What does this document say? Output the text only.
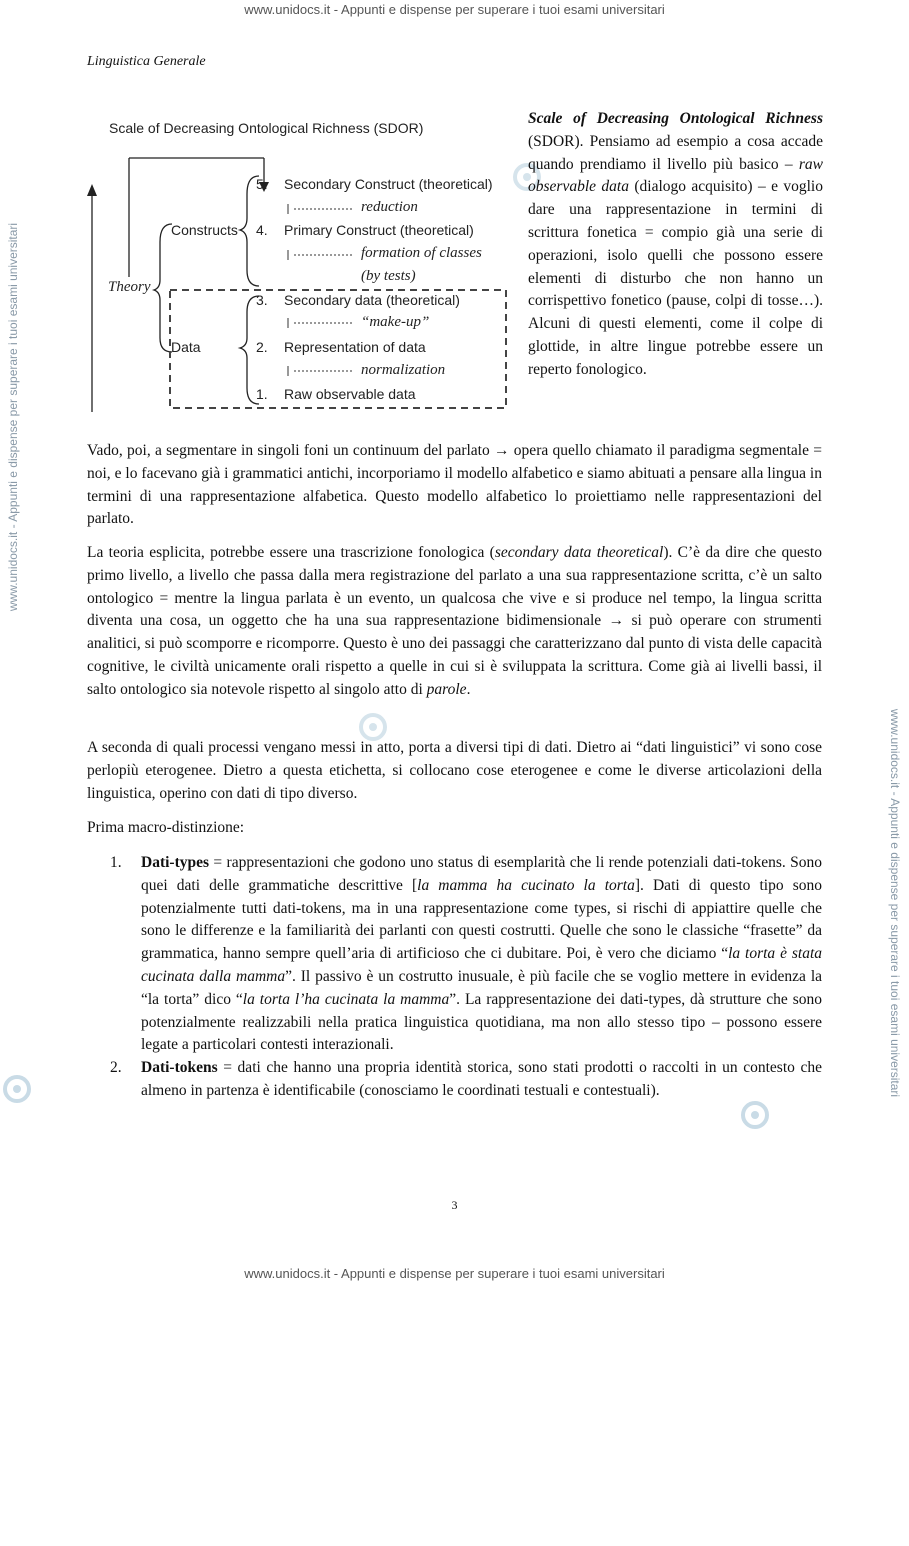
www.unidocs.it - Appunti e dispense per superare i tuoi esami universitari
www.unidocs.it - Appunti e dispense per superare i tuoi esami universitari
www.unidocs.it - Appunti e dispense per superare i tuoi esami universitari
www.unidocs.it - Appunti e dispense per superare i tuoi esami universitari
Linguistica Generale
Scale of Decreasing Ontological Richness (SDOR)
Theory
Constructs
Data
5. Secondary Construct (theoretical)
4. Primary Construct (theoretical)
3. Secondary data (theoretical)
2. Representation of data
1. Raw observable data
reduction
formation of classes
(by tests)
“make-up”
normalization
Scale of Decreasing Ontological Richness (SDOR). Pensiamo ad esempio a cosa accade quando prendiamo il livello più basico – raw observable data (dialogo acquisito) – e voglio dare una rappresentazione in termini di scrittura fonetica = compio già una serie di operazioni, isolo quelli che possono essere elementi di disturbo che non hanno un corrispettivo fonetico (pause, colpi di tosse…). Alcuni di questi elementi, come il colpe di glottide, in altre lingue potrebbe essere un reperto fonologico.

Vado, poi, a segmentare in singoli foni un continuum del parlato → opera quello chiamato il paradigma segmentale = noi, e lo facevano già i grammatici antichi, incorporiamo il modello alfabetico e siamo abituati a pensare alla lingua in termini di una rappresentazione alfabetica. Questo modello alfabetico lo proiettiamo nelle rappresentazioni del parlato.

La teoria esplicita, potrebbe essere una trascrizione fonologica (secondary data theoretical). C’è da dire che questo primo livello, a livello che passa dalla mera registrazione del parlato a una sua rappresentazione scritta, c’è un salto ontologico = mentre la lingua parlata è un evento, un qualcosa che vive e si produce nel tempo, la lingua scritta diventa una cosa, un oggetto che ha una sua rappresentazione bidimensionale → si può operare con strumenti analitici, si può scomporre e ricomporre. Questo è uno dei passaggi che caratterizzano dal punto di vista delle capacità cognitive, le civiltà unicamente orali rispetto a quelle in cui si è sviluppata la scrittura. Come già ai livelli bassi, il salto ontologico sia notevole rispetto al singolo atto di parole.

A seconda di quali processi vengano messi in atto, porta a diversi tipi di dati. Dietro ai “dati linguistici” vi sono cose perlopiù eterogenee. Dietro a questa etichetta, si collocano cose eterogenee e come le diverse articolazioni della linguistica, operino con dati di tipo diverso.

Prima macro-distinzione:

1. Dati-types = rappresentazioni che godono uno status di esemplarità che li rende potenziali dati-tokens. Sono quei dati delle grammatiche descrittive [la mamma ha cucinato la torta]. Dati di questo tipo sono potenzialmente tutti dati-tokens, ma in una rappresentazione come types, si rischi di appiattire quelle che sono le differenze e la familiarità dei parlanti con questi costrutti. Quelle che sono le classiche “frasette” da grammatica, hanno sempre quell’aria di artificioso che ci dubitare. Poi, è vero che diciamo “la torta è stata cucinata dalla mamma”. Il passivo è un costrutto inusuale, è più facile che se voglio mettere in evidenza la “la torta” dico “la torta l’ha cucinata la mamma”. La rappresentazione dei dati-types, dà strutture che sono potenzialmente realizzabili nella pratica linguistica quotidiana, ma non allo stesso tipo – possono essere legate a particolari contesti interazionali.
2. Dati-tokens = dati che hanno una propria identità storica, sono stati prodotti o raccolti in un contesto che almeno in partenza è identificabile (conosciamo le coordinati testuali e contestuali).
3
